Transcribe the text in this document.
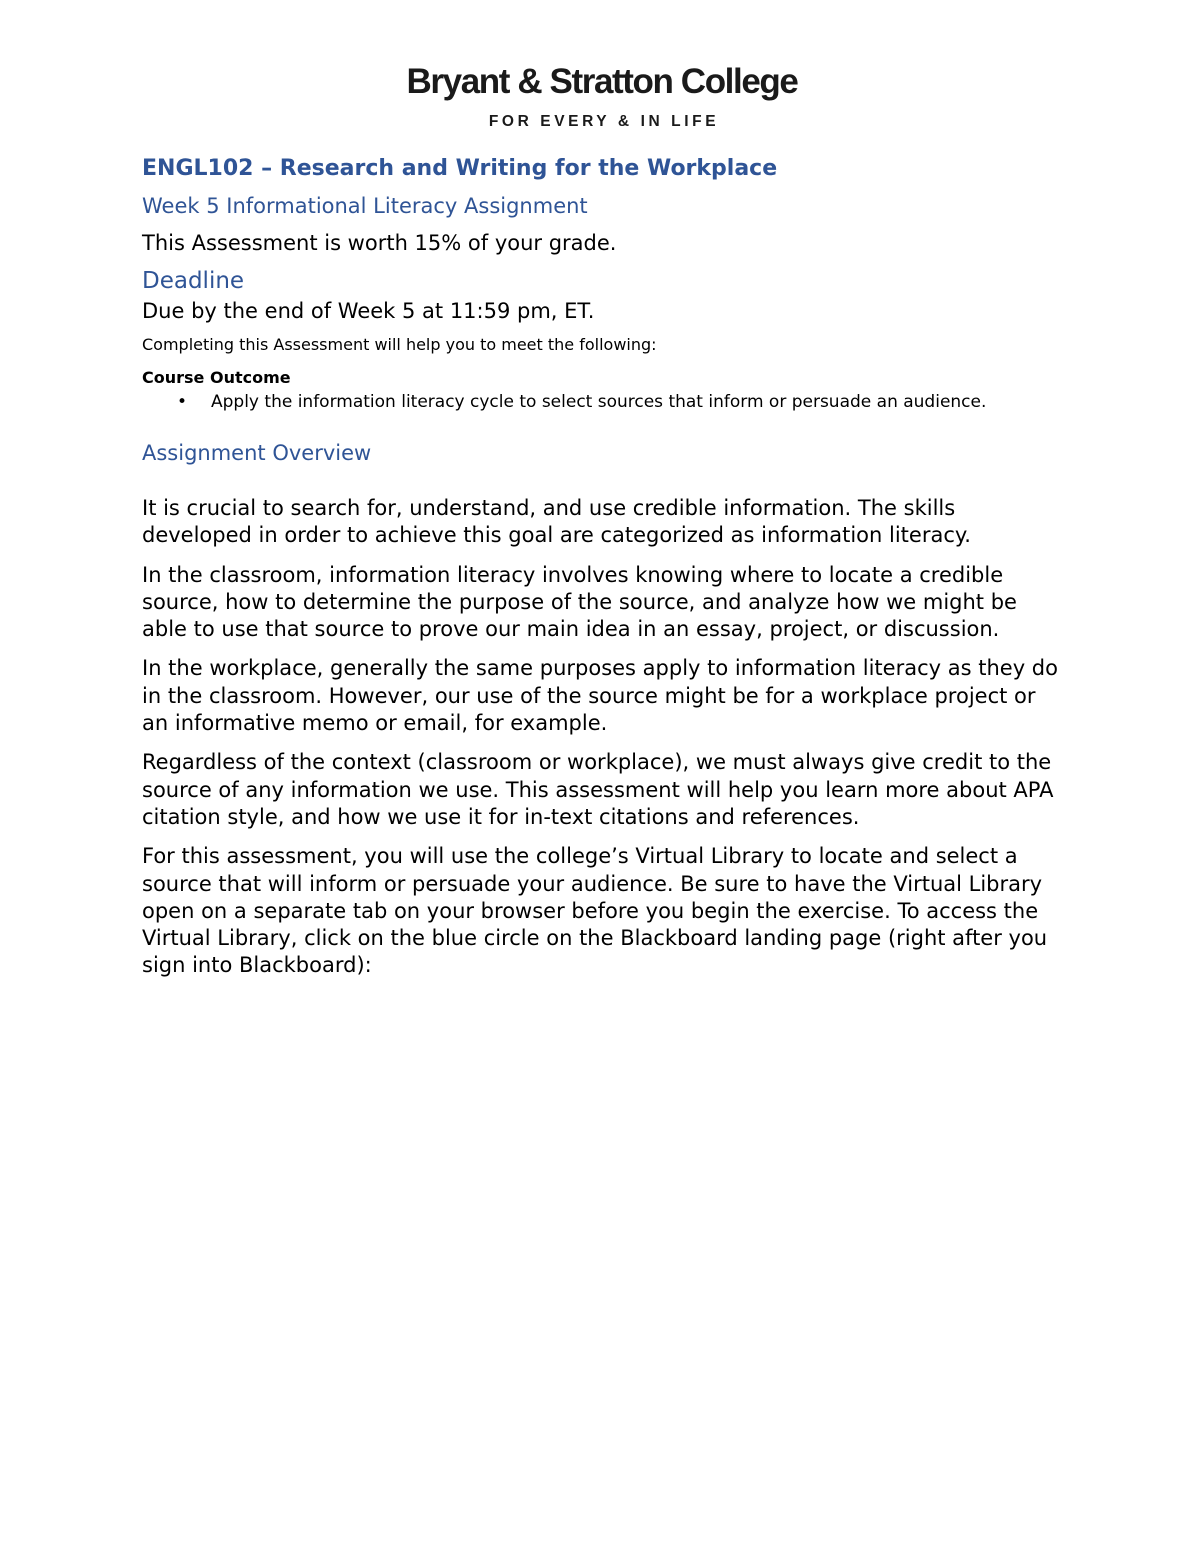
Bryant & Stratton College
FOR EVERY & IN LIFE
ENGL102 – Research and Writing for the Workplace
Week 5 Informational Literacy Assignment

This Assessment is worth 15% of your grade.

Deadline

Due by the end of Week 5 at 11:59 pm, ET.

Completing this Assessment will help you to meet the following:

Course Outcome

• Apply the information literacy cycle to select sources that inform or persuade an audience.
Assignment Overview

It is crucial to search for, understand, and use credible information. The skills developed in order to achieve this goal are categorized as information literacy.

In the classroom, information literacy involves knowing where to locate a credible source, how to determine the purpose of the source, and analyze how we might be able to use that source to prove our main idea in an essay, project, or discussion.

In the workplace, generally the same purposes apply to information literacy as they do in the classroom. However, our use of the source might be for a workplace project or an informative memo or email, for example.

Regardless of the context (classroom or workplace), we must always give credit to the source of any information we use. This assessment will help you learn more about APA citation style, and how we use it for in-text citations and references.

For this assessment, you will use the college’s Virtual Library to locate and select a source that will inform or persuade your audience. Be sure to have the Virtual Library open on a separate tab on your browser before you begin the exercise. To access the Virtual Library, click on the blue circle on the Blackboard landing page (right after you sign into Blackboard):
